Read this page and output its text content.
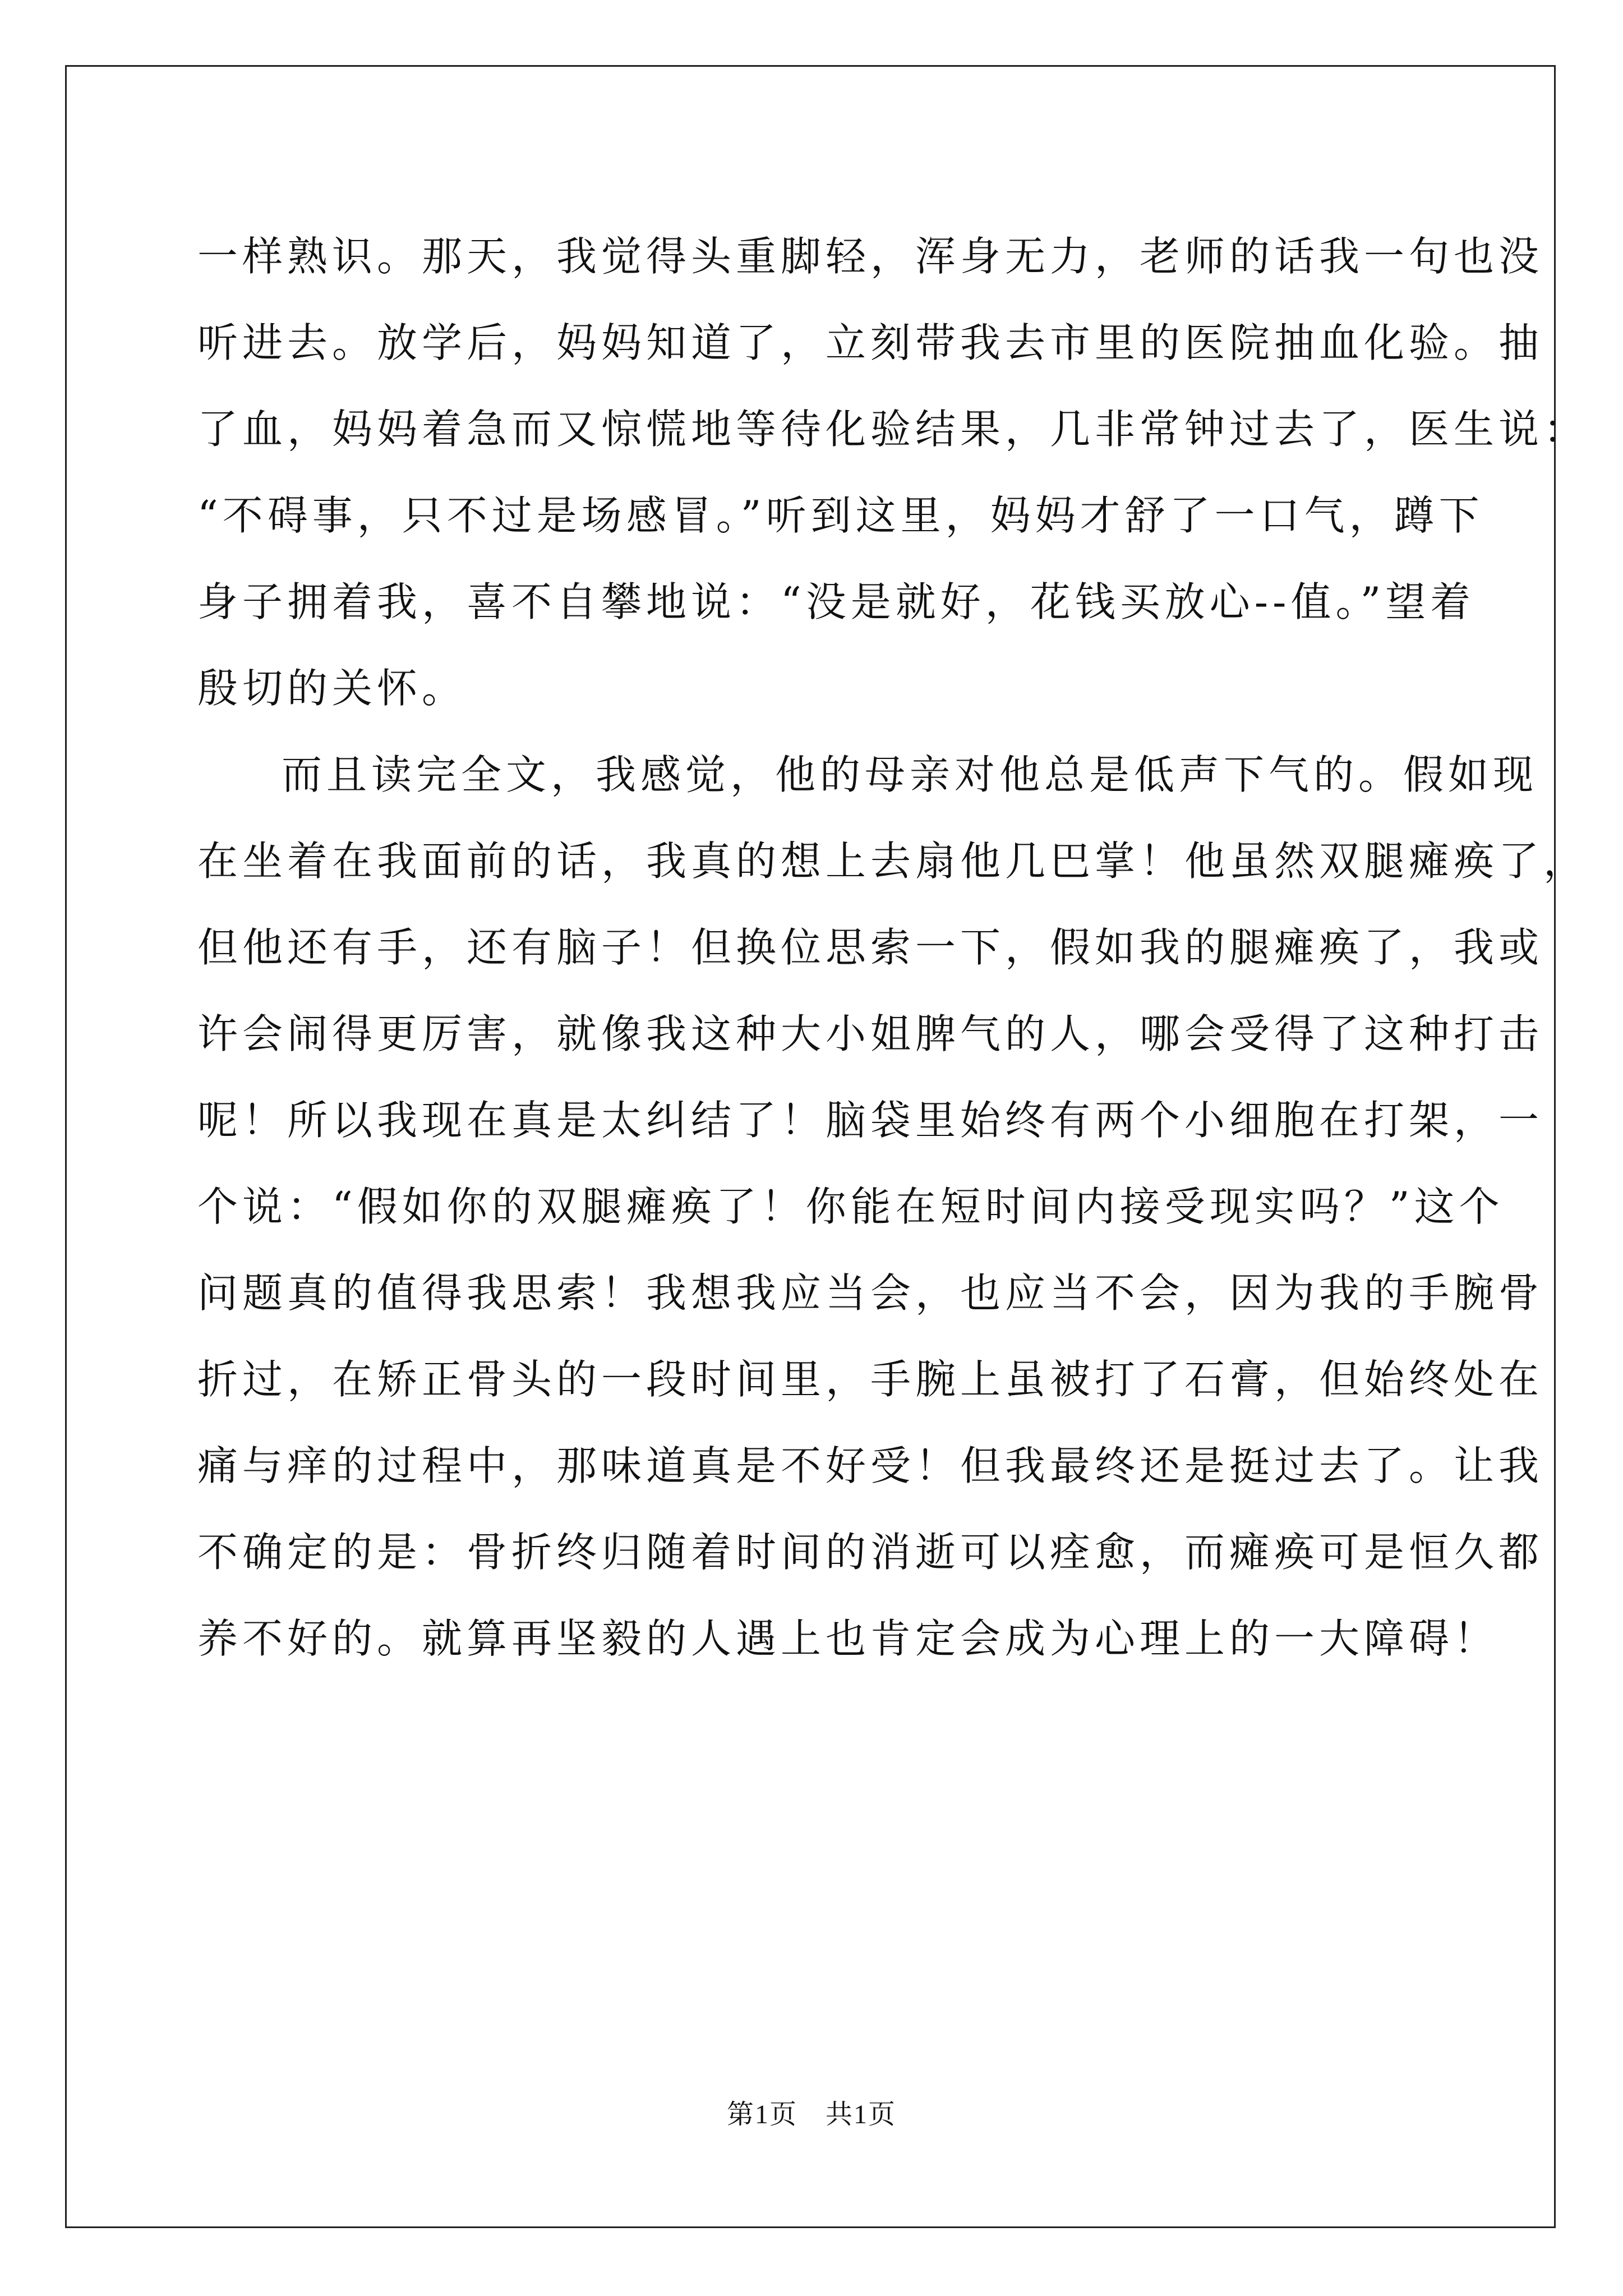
一样熟识。那天，我觉得头重脚轻，浑身无力，老师的话我一句也没
听进去。放学后，妈妈知道了，立刻带我去市里的医院抽血化验。抽
了血，妈妈着急而又惊慌地等待化验结果，几非常钟过去了，医生说：
“不碍事，只不过是场感冒。”听到这里，妈妈才舒了一口气，蹲下
身子拥着我，喜不自攀地说：“没是就好，花钱买放心--值。”望着
殷切的关怀。
而且读完全文，我感觉，他的母亲对他总是低声下气的。假如现
在坐着在我面前的话，我真的想上去扇他几巴掌！他虽然双腿瘫痪了，
但他还有手，还有脑子！但换位思索一下，假如我的腿瘫痪了，我或
许会闹得更厉害，就像我这种大小姐脾气的人，哪会受得了这种打击
呢！所以我现在真是太纠结了！脑袋里始终有两个小细胞在打架，一
个说：“假如你的双腿瘫痪了！你能在短时间内接受现实吗？”这个
问题真的值得我思索！我想我应当会，也应当不会，因为我的手腕骨
折过，在矫正骨头的一段时间里，手腕上虽被打了石膏，但始终处在
痛与痒的过程中，那味道真是不好受！但我最终还是挺过去了。让我
不确定的是：骨折终归随着时间的消逝可以痊愈，而瘫痪可是恒久都
养不好的。就算再坚毅的人遇上也肯定会成为心理上的一大障碍！
第1页 共1页
